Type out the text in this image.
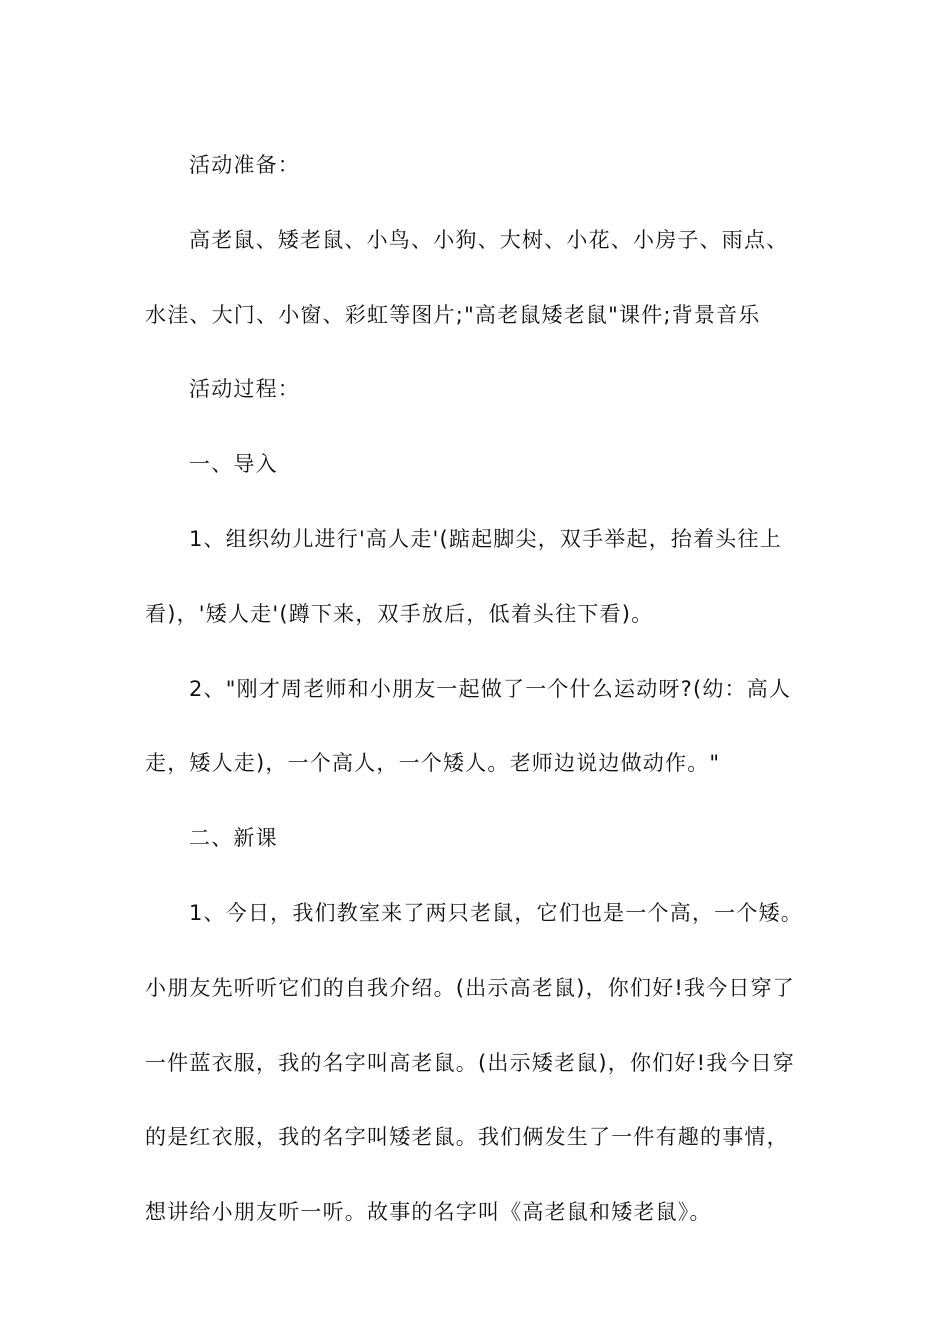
活动准备：

高老鼠、矮老鼠、小鸟、小狗、大树、小花、小房子、雨点、水洼、大门、小窗、彩虹等图片;"高老鼠矮老鼠"课件;背景音乐

活动过程：

一、导入

1、组织幼儿进行'高人走'(踮起脚尖，双手举起，抬着头往上看)，'矮人走'(蹲下来，双手放后，低着头往下看)。

2、"刚才周老师和小朋友一起做了一个什么运动呀?(幼：高人走，矮人走)，一个高人，一个矮人。老师边说边做动作。"

二、新课

1、今日，我们教室来了两只老鼠，它们也是一个高，一个矮。小朋友先听听它们的自我介绍。(出示高老鼠)，你们好!我今日穿了一件蓝衣服，我的名字叫高老鼠。(出示矮老鼠)，你们好!我今日穿的是红衣服，我的名字叫矮老鼠。我们俩发生了一件有趣的事情，想讲给小朋友听一听。故事的名字叫《高老鼠和矮老鼠》。
